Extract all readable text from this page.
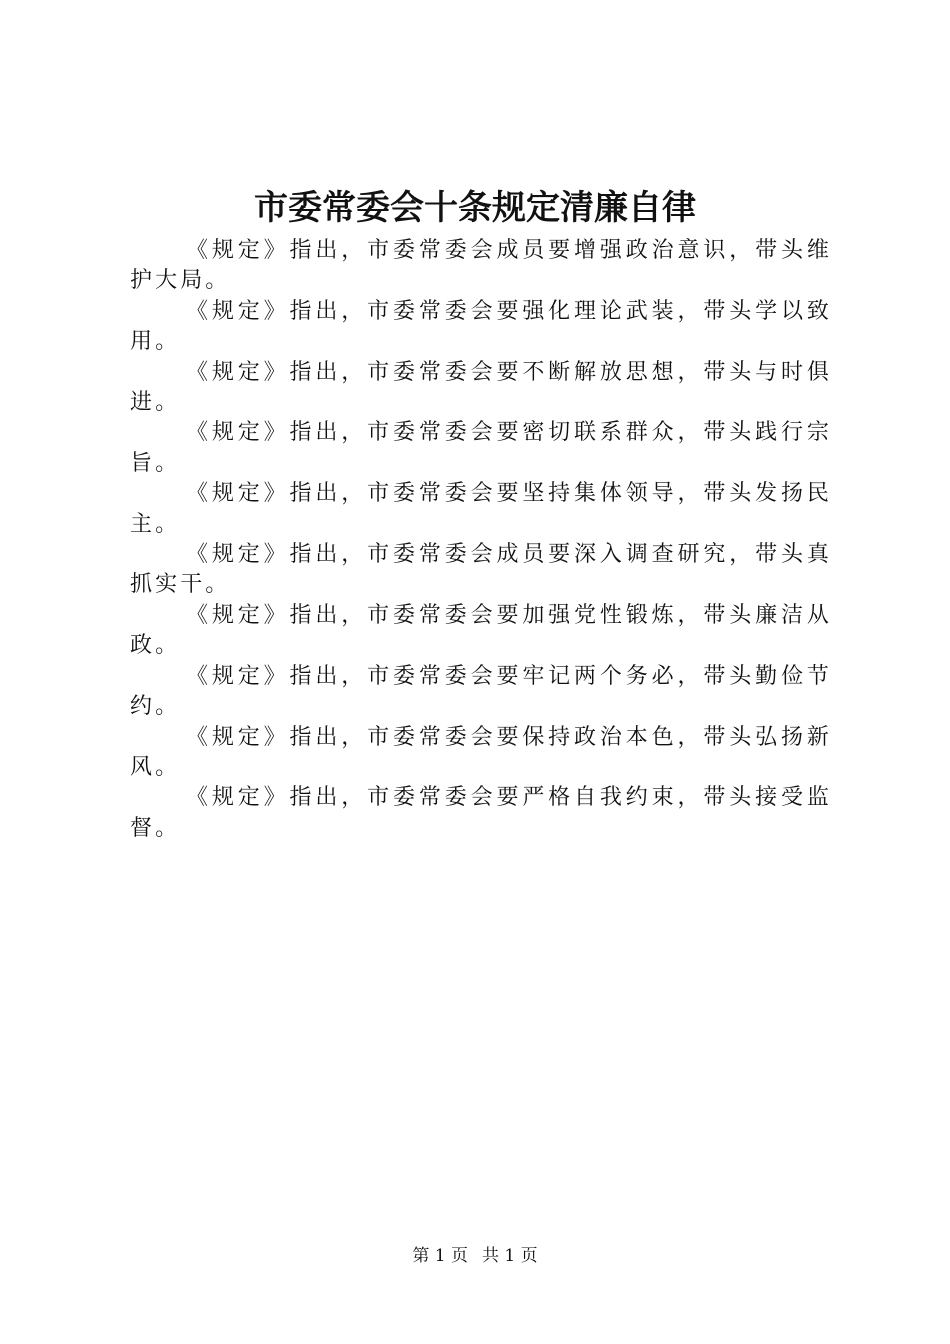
市委常委会十条规定清廉自律

《规定》指出，市委常委会成员要增强政治意识，带头维护大局。

《规定》指出，市委常委会要强化理论武装，带头学以致用。

《规定》指出，市委常委会要不断解放思想，带头与时俱进。

《规定》指出，市委常委会要密切联系群众，带头践行宗旨。

《规定》指出，市委常委会要坚持集体领导，带头发扬民主。

《规定》指出，市委常委会成员要深入调查研究，带头真抓实干。

《规定》指出，市委常委会要加强党性锻炼，带头廉洁从政。

《规定》指出，市委常委会要牢记两个务必，带头勤俭节约。

《规定》指出，市委常委会要保持政治本色，带头弘扬新风。

《规定》指出，市委常委会要严格自我约束，带头接受监督。

第 1 页 共 1 页
